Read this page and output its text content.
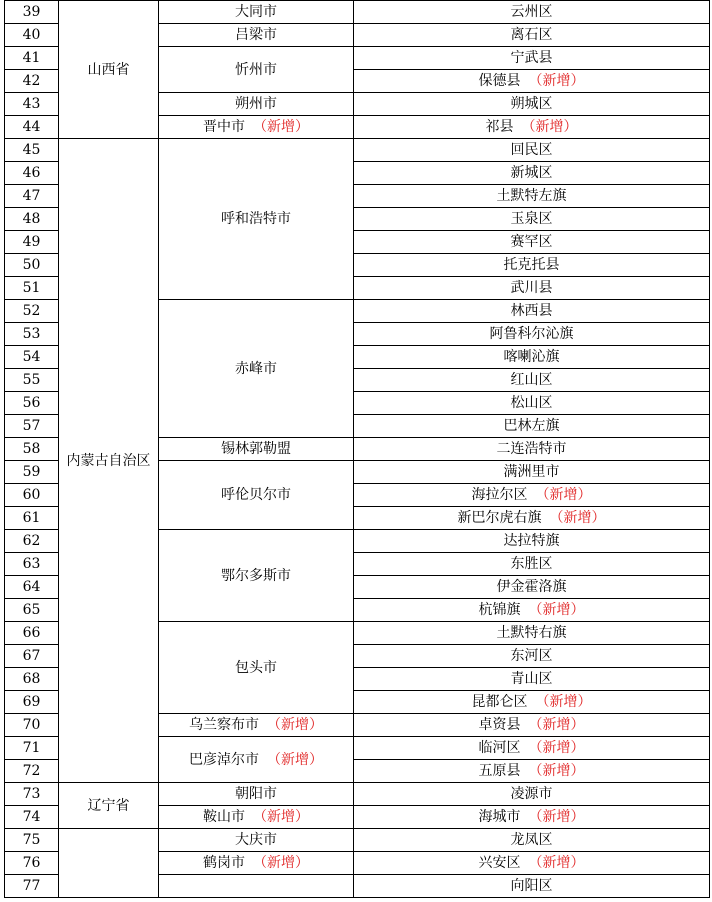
39	山西省	大同市	云州区
40		吕梁市	离石区
41		忻州市	宁武县
42			保德县 （ 新增 ）
43		朔州市	朔城区
44		晋中市 （ 新增 ）	祁县 （ 新增 ）
45	内蒙古自治区	呼和浩特市	回民区
46			新城区
47			土默特左旗
48			玉泉区
49			赛罕区
50			托克托县
51			武川县
52		赤峰市	林西县
53			阿鲁科尔沁旗
54			喀喇沁旗
55			红山区
56			松山区
57			巴林左旗
58		锡林郭勒盟	二连浩特市
59		呼伦贝尔市	满洲里市
60			海拉尔区 （ 新增 ）
61			新巴尔虎右旗 （ 新增 ）
62		鄂尔多斯市	达拉特旗
63			东胜区
64			伊金霍洛旗
65			杭锦旗 （ 新增 ）
66		包头市	土默特右旗
67			东河区
68			青山区
69			昆都仑区 （ 新增 ）
70		乌兰察布市 （ 新增 ）	卓资县 （ 新增 ）
71		巴彦淖尔市 （ 新增 ）	临河区 （ 新增 ）
72			五原县 （ 新增 ）
73	辽宁省	朝阳市	凌源市
74		鞍山市 （ 新增 ）	海城市 （ 新增 ）
75		大庆市	龙凤区
76		鹤岗市 （ 新增 ）	兴安区 （ 新增 ）
77			向阳区
